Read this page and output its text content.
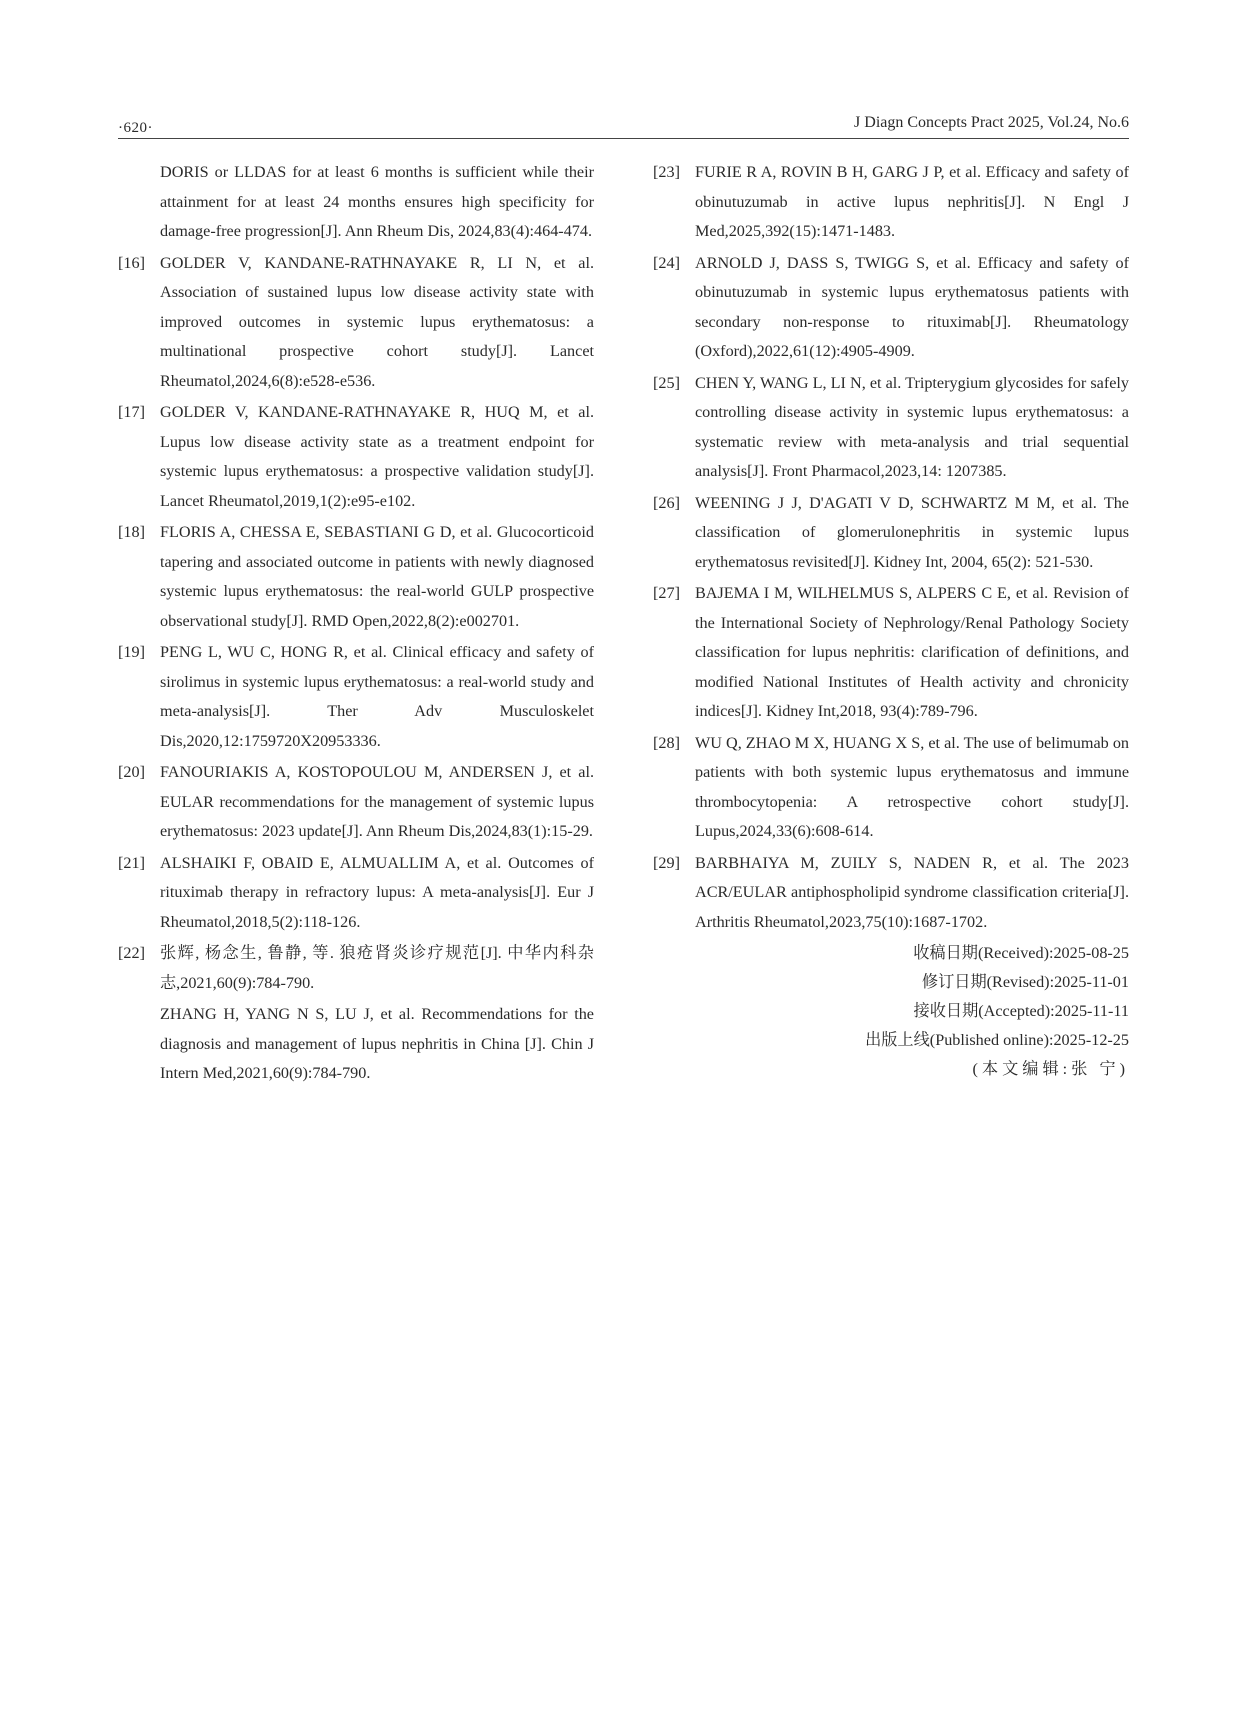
·620·	J Diagn Concepts Pract 2025, Vol.24, No.6

DORIS or LLDAS for at least 6 months is sufficient while their attainment for at least 24 months ensures high specificity for damage-free progression[J]. Ann Rheum Dis, 2024,83(4):464-474.

[16] GOLDER V, KANDANE-RATHNAYAKE R, LI N, et al. Association of sustained lupus low disease activity state with improved outcomes in systemic lupus erythematosus: a multinational prospective cohort study[J]. Lancet Rheumatol,2024,6(8):e528-e536.
[17] GOLDER V, KANDANE-RATHNAYAKE R, HUQ M, et al. Lupus low disease activity state as a treatment endpoint for systemic lupus erythematosus: a prospective validation study[J]. Lancet Rheumatol,2019,1(2):e95-e102.
[18] FLORIS A, CHESSA E, SEBASTIANI G D, et al. Glucocorticoid tapering and associated outcome in patients with newly diagnosed systemic lupus erythematosus: the real-world GULP prospective observational study[J]. RMD Open,2022,8(2):e002701.
[19] PENG L, WU C, HONG R, et al. Clinical efficacy and safety of sirolimus in systemic lupus erythematosus: a real-world study and meta-analysis[J]. Ther Adv Musculoskelet Dis,2020,12:1759720X20953336.
[20] FANOURIAKIS A, KOSTOPOULOU M, ANDERSEN J, et al. EULAR recommendations for the management of systemic lupus erythematosus: 2023 update[J]. Ann Rheum Dis,2024,83(1):15-29.
[21] ALSHAIKI F, OBAID E, ALMUALLIM A, et al. Outcomes of rituximab therapy in refractory lupus: A meta-analysis[J]. Eur J Rheumatol,2018,5(2):118-126.
[22] 张辉, 杨念生, 鲁静, 等. 狼疮肾炎诊疗规范[J]. 中华内科杂志,2021,60(9):784-790.

ZHANG H, YANG N S, LU J, et al. Recommendations for the diagnosis and management of lupus nephritis in China [J]. Chin J Intern Med,2021,60(9):784-790.

[23] FURIE R A, ROVIN B H, GARG J P, et al. Efficacy and safety of obinutuzumab in active lupus nephritis[J]. N Engl J Med,2025,392(15):1471-1483.
[24] ARNOLD J, DASS S, TWIGG S, et al. Efficacy and safety of obinutuzumab in systemic lupus erythematosus patients with secondary non-response to rituximab[J]. Rheumatology (Oxford),2022,61(12):4905-4909.
[25] CHEN Y, WANG L, LI N, et al. Tripterygium glycosides for safely controlling disease activity in systemic lupus erythematosus: a systematic review with meta-analysis and trial sequential analysis[J]. Front Pharmacol,2023,14: 1207385.
[26] WEENING J J, D'AGATI V D, SCHWARTZ M M, et al. The classification of glomerulonephritis in systemic lupus erythematosus revisited[J]. Kidney Int, 2004, 65(2): 521-530.
[27] BAJEMA I M, WILHELMUS S, ALPERS C E, et al. Revision of the International Society of Nephrology/Renal Pathology Society classification for lupus nephritis: clarification of definitions, and modified National Institutes of Health activity and chronicity indices[J]. Kidney Int,2018, 93(4):789-796.
[28] WU Q, ZHAO M X, HUANG X S, et al. The use of belimumab on patients with both systemic lupus erythematosus and immune thrombocytopenia: A retrospective cohort study[J]. Lupus,2024,33(6):608-614.
[29] BARBHAIYA M, ZUILY S, NADEN R, et al. The 2023 ACR/EULAR antiphospholipid syndrome classification criteria[J]. Arthritis Rheumatol,2023,75(10):1687-1702.
收稿日期(Received):2025-08-25
修订日期(Revised):2025-11-01
接收日期(Accepted):2025-11-11
出版上线(Published online):2025-12-25
(本文编辑:张 宁)
